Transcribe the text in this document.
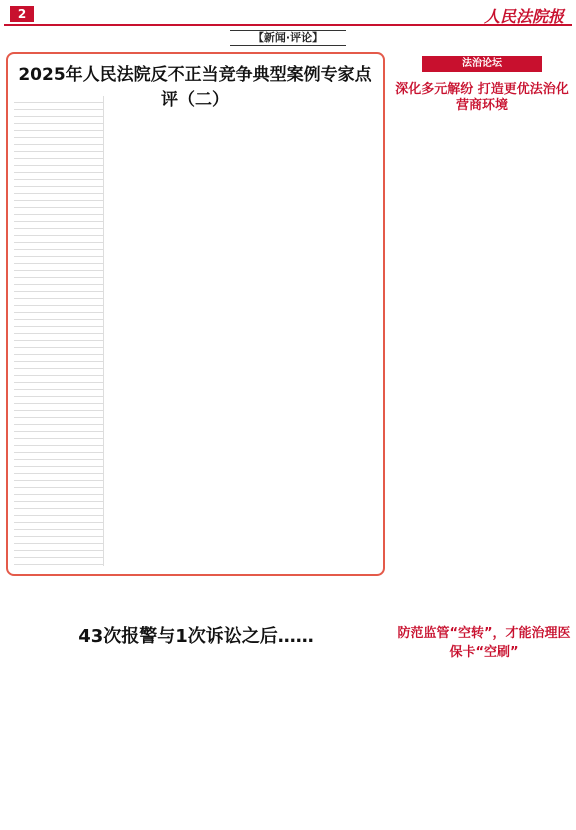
2	人民法院报
【新闻·评论】
2025年人民法院反不正当竞争典型案例专家点评（二）
法治论坛
深化多元解纷 打造更优法治化营商环境
43次报警与1次诉讼之后……	防范监管“空转”，才能治理医保卡“空刷”
